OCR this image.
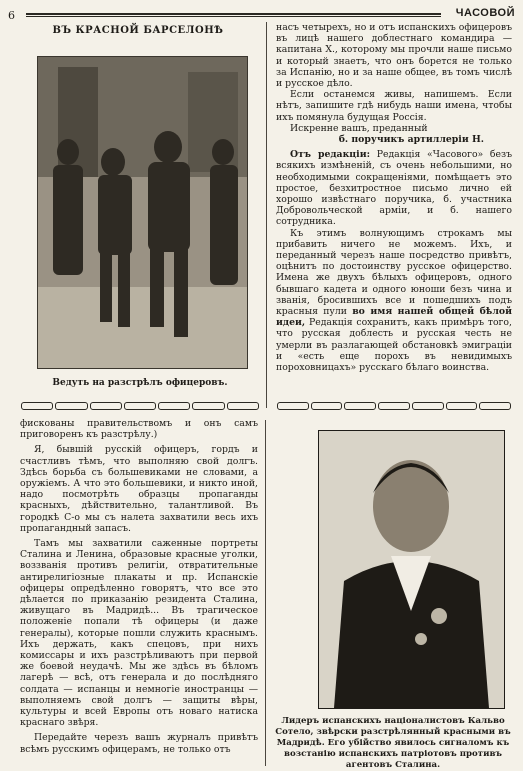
6	ЧАСОВОЙ
ВЪ КРАСНОЙ БАРСЕЛОНѢ
Ведуть на разстрѣлъ офицеровъ.

насъ четырехъ, но и отъ испанскихъ офицеровъ въ лицѣ нашего доблестнаго командира — капитана X., которому мы прочли наше письмо и который знаетъ, что онъ борется не только за Испанію, но и за наше общее, въ томъ числѣ и русское дѣло.

Если останемся живы, напишемъ. Если нѣтъ, запишите гдѣ нибудь наши имена, чтобы ихъ помянула будущая Россія.

Искренне вашъ, преданный

б. поручикъ артиллеріи Н.

Отъ редакціи: Редакція «Часового» безъ всякихъ измѣненій, съ очень небольшими, но необходимыми сокращеніями, помѣщаетъ это простое, безхитростное письмо лично ей хорошо извѣстнаго поручика, б. участника Добровольческой арміи, и б. нашего сотрудника.

Къ этимъ волнующимъ строкамъ мы прибавить ничего не можемъ. Ихъ, и переданный черезъ наше посредство привѣтъ, оцѣнитъ по достоинству русское офицерство. Имена же двухъ бѣлыхъ офицеровъ, одного бывшаго кадета и одного юноши безъ чина и званія, бросившихъ все и пошедшихъ подъ красныя пули во имя нашей общей бѣлой идеи, Редакція сохранитъ, какъ примѣръ того, что русская доблесть и русская честь не умерли въ разлагающей обстановкѣ эмиграціи и «есть еще порохъ въ невидимыхъ пороховницахъ» русскаго бѣлаго воинства.

фискованы правительствомъ и онъ самъ приговоренъ къ разстрѣлу.)

Я, бывшій русскій офицеръ, гордъ и счастливъ тѣмъ, что выполняю свой долгъ. Здѣсь борьба съ большевиками не словами, а оружіемъ. А что это большевики, и никто иной, надо посмотрѣть образцы пропаганды красныхъ, дѣйствительно, талантливой. Въ городкѣ С-о мы съ налета захватили весь ихъ пропагандный запасъ.

Тамъ мы захватили саженные портреты Сталина и Ленина, образовые красные уголки, воззванія противъ религіи, отвратительные антирелигіозные плакаты и пр. Испанскіе офицеры опредѣленно говорятъ, что все это дѣлается по приказанію резидента Сталина, живущаго въ Мадридѣ... Въ трагическое положеніе попали тѣ офицеры (и даже генералы), которые пошли служить краснымъ. Ихъ держать, какъ спецовъ, при нихъ комиссары и ихъ разстрѣливаютъ при первой же боевой неудачѣ. Мы же здѣсь въ бѣломъ лагерѣ — всѣ, отъ генерала и до послѣдняго солдата — испанцы и немногіе иностранцы — выполняемъ свой долгъ — защиты вѣры, культуры и всей Европы отъ новаго натиска краснаго звѣря.

Передайте черезъ вашъ журналъ привѣтъ всѣмъ русскимъ офицерамъ, не только отъ

Лидеръ испанскихъ націоналистовъ Кальво Сотело, звѣрски разстрѣлянный красными въ Мадридѣ. Его убійство явилось сигналомъ къ возстанію испанскихъ патріотовъ противъ агентовъ Сталина.
